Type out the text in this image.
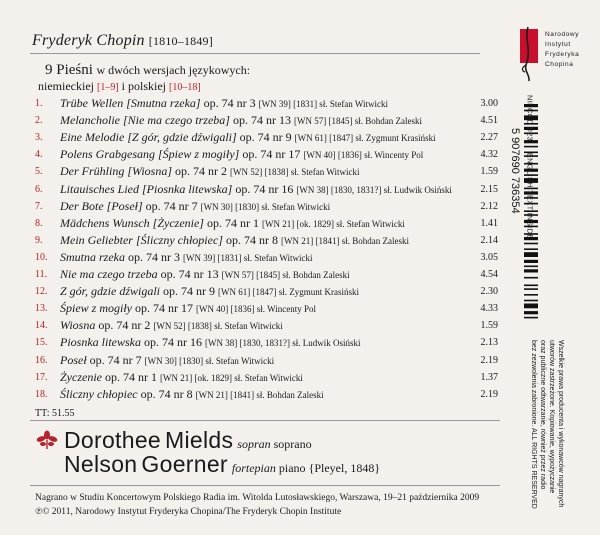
Fryderyk Chopin [1810–1849]
9 Pieśni w dwóch wersjach językowych:
niemieckiej [1–9] i polskiej [10–18]
1.	Trübe Wellen [Smutna rzeka] op. 74 nr 3 [WN 39] [1831] sł. Stefan Witwicki	3.00
2.	Melancholie [Nie ma czego trzeba] op. 74 nr 13 [WN 57] [1845] sł. Bohdan Zaleski	4.51
3.	Eine Melodie [Z gór, gdzie dźwigali] op. 74 nr 9 [WN 61] [1847] sł. Zygmunt Krasiński	2.27
4.	Polens Grabgesang [Śpiew z mogiły] op. 74 nr 17 [WN 40] [1836] sł. Wincenty Pol	4.32
5.	Der Frühling [Wiosna] op. 74 nr 2 [WN 52] [1838] sł. Stefan Witwicki	1.59
6.	Litauisches Lied [Piosnka litewska] op. 74 nr 16 [WN 38] [1830, 1831?] sł. Ludwik Osiński	2.15
7.	Der Bote [Poseł] op. 74 nr 7 [WN 30] [1830] sł. Stefan Witwicki	2.12
8.	Mädchens Wunsch [Życzenie] op. 74 nr 1 [WN 21] [ok. 1829] sł. Stefan Witwicki	1.41
9.	Mein Geliebter [Śliczny chłopiec] op. 74 nr 8 [WN 21] [1841] sł. Bohdan Zaleski	2.14
10.	Smutna rzeka op. 74 nr 3 [WN 39] [1831] sł. Stefan Witwicki	3.05
11.	Nie ma czego trzeba op. 74 nr 13 [WN 57] [1845] sł. Bohdan Zaleski	4.54
12.	Z gór, gdzie dźwigali op. 74 nr 9 [WN 61] [1847] sł. Zygmunt Krasiński	2.30
13.	Śpiew z mogiły op. 74 nr 17 [WN 40] [1836] sł. Wincenty Pol	4.33
14.	Wiosna op. 74 nr 2 [WN 52] [1838] sł. Stefan Witwicki	1.59
15.	Piosnka litewska op. 74 nr 16 [WN 38] [1830, 1831?] sł. Ludwik Osiński	2.13
16.	Poseł op. 74 nr 7 [WN 30] [1830] sł. Stefan Witwicki	2.19
17.	Życzenie op. 74 nr 1 [WN 21] [ok. 1829] sł. Stefan Witwicki	1.37
18.	Śliczny chłopiec op. 74 nr 8 [WN 21] [1841] sł. Bohdan Zaleski	2.19
TT: 51.55
Dorothee Mields sopran soprano
Nelson Goerner fortepian piano {Pleyel, 1848}
Nagrano w Studiu Koncertowym Polskiego Radia im. Witolda Lutosławskiego, Warszawa, 19–21 października 2009
℗© 2011, Narodowy Instytut Fryderyka Chopina/The Fryderyk Chopin Institute
Narodowy
Instytut
Fryderyka
Chopina
5 907690 736354
NIFCCD 023     ENGLISH TEXT INSIDE
Wszelkie prawa producenta i wykonawców nagranych
utworów zastrzeżone. Kopiowanie, wypożyczanie
oraz publiczne odtwarzanie, również przez radio
bez zezwolenia zabronione. ALL RIGHTS RESERVED
